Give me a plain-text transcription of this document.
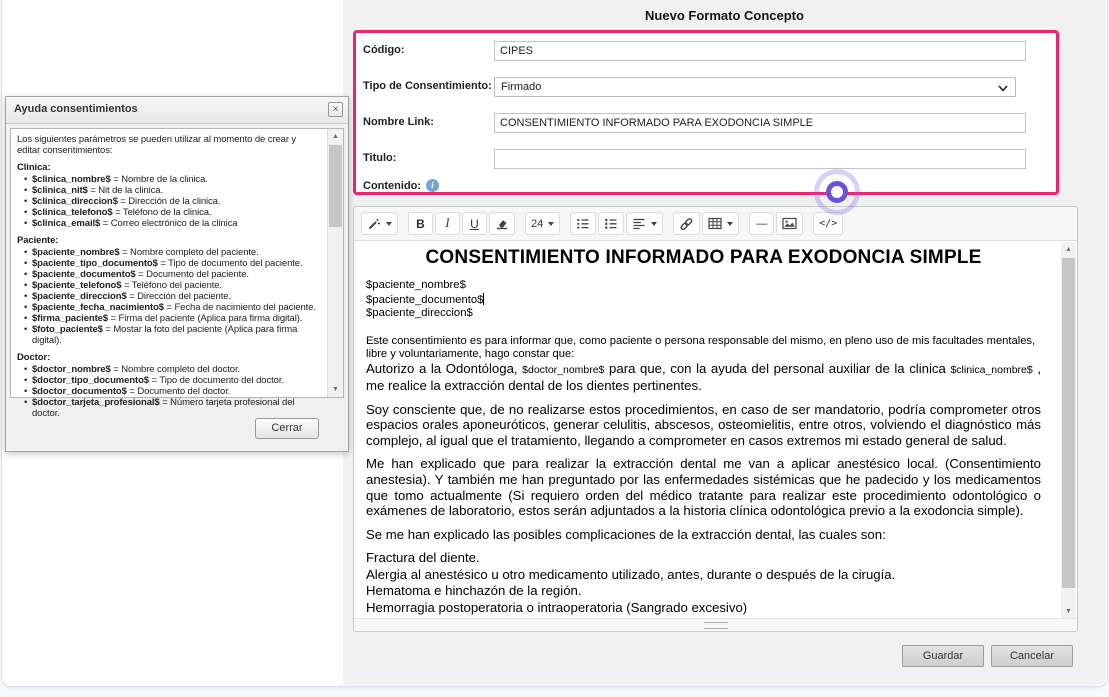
Nuevo Formato Concepto
Código:
CIPES
Tipo de Consentimiento: Firmado
Nombre Link:
CONSENTIMIENTO INFORMADO PARA EXODONCIA SIMPLE
Titulo:
Contenido:	i
B	I	U	24	—	</>
CONSENTIMIENTO INFORMADO PARA EXODONCIA SIMPLE
$paciente_nombre$
$paciente_documento$
$paciente_direccion$

Este consentimiento es para informar que, como paciente o persona responsable del mismo, en pleno uso de mis facultades mentales, libre y voluntariamente, hago constar que:

Autorizo a la Odontóloga, $doctor_nombre$ para que, con la ayuda del personal auxiliar de la clinica $clinica_nombre$ , me realice la extracción dental de los dientes pertinentes.

Soy consciente que, de no realizarse estos procedimientos, en caso de ser mandatorio, podría comprometer otros espacios orales aponeuróticos, generar celulitis, abscesos, osteomielitis, entre otros, volviendo el diagnóstico más complejo, al igual que el tratamiento, llegando a comprometer en casos extremos mi estado general de salud.

Me han explicado que para realizar la extracción dental me van a aplicar anestésico local. (Consentimiento anestesia). Y también me han preguntado por las enfermedades sistémicas que he padecido y los medicamentos que tomo actualmente (Si requiero orden del médico tratante para realizar este procedimiento odontológico o exámenes de laboratorio, estos serán adjuntados a la historia clínica odontológica previo a la exodoncia simple).

Se me han explicado las posibles complicaciones de la extracción dental, las cuales son:

Fractura del diente.
Alergia al anestésico u otro medicamento utilizado, antes, durante o después de la cirugía.
Hematoma e hinchazón de la región.
Hemorragia postoperatoria o intraoperatoria (Sangrado excesivo)
▲
▼
Guardar	Cancelar
Ayuda consentimientos	×

Los siguientes parámetros se pueden utilizar al momento de crear y editar consentimientos:

Clinica:
• $clinica_nombre$ = Nombre de la clinica.
• $clinica_nit$ = Nit de la clinica.
• $clinica_direccion$ = Dirección de la clinica.
• $clinica_telefono$ = Teléfono de la clinica.
• $clinica_email$ = Correo electrónico de la clinica
Paciente:
• $paciente_nombre$ = Nombre completo del paciente.
• $paciente_tipo_documento$ = Tipo de documento del paciente.
• $paciente_documento$ = Documento del paciente.
• $paciente_telefono$ = Teléfono del paciente.
• $paciente_direccion$ = Dirección del paciente.
• $paciente_fecha_nacimiento$ = Fecha de nacimiento del paciente.
• $firma_paciente$ = Firma del paciente (Aplica para firma digital).
• $foto_paciente$ = Mostar la foto del paciente (Aplica para firma digital).
Doctor:
• $doctor_nombre$ = Nombre completo del doctor.
• $doctor_tipo_documento$ = Tipo de documento del doctor.
• $doctor_documento$ = Documento del doctor.
• $doctor_tarjeta_profesional$ = Número tarjeta profesional del doctor.
▲
▼
Cerrar
